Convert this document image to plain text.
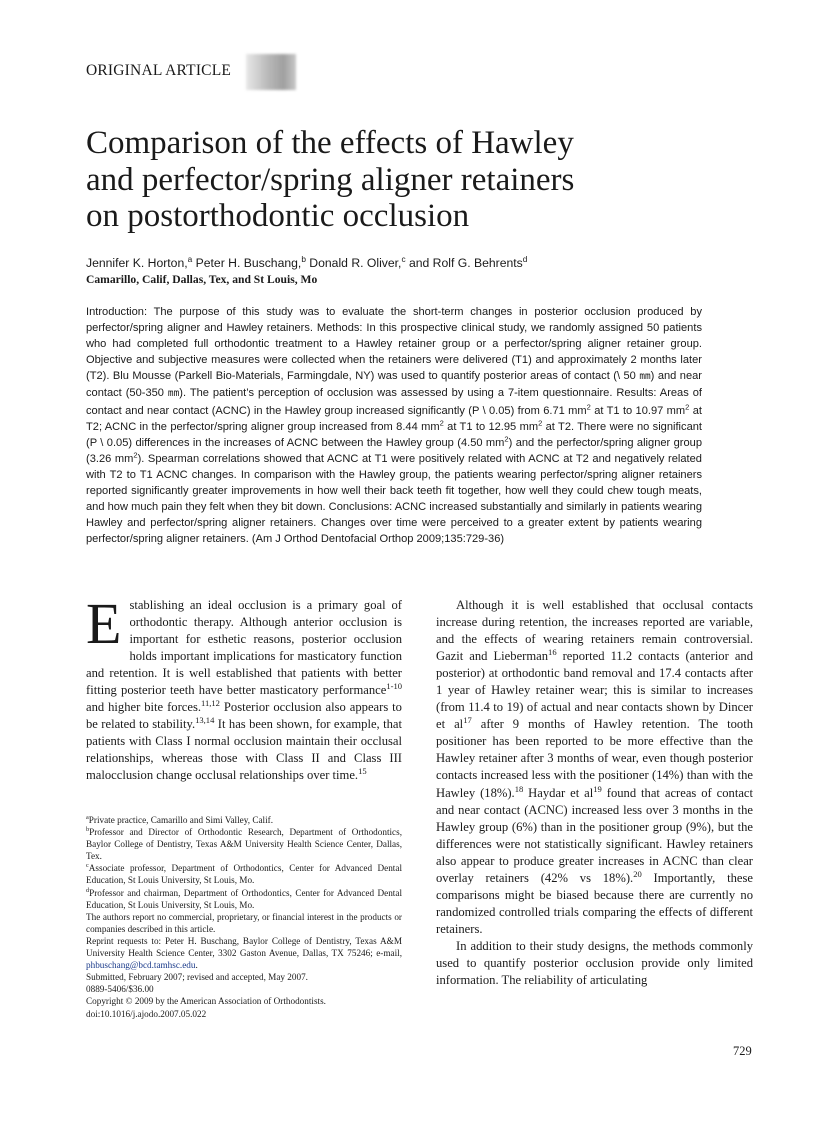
ORIGINAL ARTICLE
Comparison of the effects of Hawley
and perfector/spring aligner retainers
on postorthodontic occlusion
Jennifer K. Horton,$^a$ Peter H. Buschang,$^b$ Donald R. Oliver,$^c$ and Rolf G. Behrents$^d$
Camarillo, Calif, Dallas, Tex, and St Louis, Mo

Introduction: The purpose of this study was to evaluate the short-term changes in posterior occlusion produced by perfector/spring aligner and Hawley retainers. Methods: In this prospective clinical study, we randomly assigned 50 patients who had completed full orthodontic treatment to a Hawley retainer group or a perfector/spring aligner retainer group. Objective and subjective measures were collected when the retainers were delivered (T1) and approximately 2 months later (T2). Blu Mousse (Parkell Bio-Materials, Farmingdale, NY) was used to quantify posterior areas of contact (\ 50 mm) and near contact (50-350 mm). The patient’s perception of occlusion was assessed by using a 7-item questionnaire. Results: Areas of contact and near contact (ACNC) in the Hawley group increased significantly (P \ 0.05) from 6.71 $mm^2$ at T1 to 10.97 $mm^2$ at T2; ACNC in the perfector/spring aligner group increased from 8.44 $mm^2$ at T1 to 12.95 $mm^2$ at T2. There were no significant (P \ 0.05) differences in the increases of ACNC between the Hawley group (4.50 $mm^2$) and the perfector/spring aligner group (3.26 $mm^2$). Spearman correlations showed that ACNC at T1 were positively related with ACNC at T2 and negatively related with T2 to T1 ACNC changes. In comparison with the Hawley group, the patients wearing perfector/spring aligner retainers reported significantly greater improvements in how well their back teeth fit together, how well they could chew tough meats, and how much pain they felt when they bit down. Conclusions: ACNC increased substantially and similarly in patients wearing Hawley and perfector/spring aligner retainers. Changes over time were perceived to a greater extent by patients wearing perfector/spring aligner retainers. (Am J Orthod Dentofacial Orthop 2009;135:729-36)

Establishing an ideal occlusion is a primary goal of orthodontic therapy. Although anterior occlusion is important for esthetic reasons, posterior occlusion holds important implications for masticatory function and retention. It is well established that patients with better fitting posterior teeth have better masticatory performance$^{1-10}$ and higher bite forces.$^{11,12}$ Posterior occlusion also appears to be related to stability.$^{13,14}$ It has been shown, for example, that patients with Class I normal occlusion maintain their occlusal relationships, whereas those with Class II and Class III malocclusion change occlusal relationships over time.$^{15}$

$^a$Private practice, Camarillo and Simi Valley, Calif.
$^b$Professor and Director of Orthodontic Research, Department of Orthodontics, Baylor College of Dentistry, Texas A&M University Health Science Center, Dallas, Tex.
$^c$Associate professor, Department of Orthodontics, Center for Advanced Dental Education, St Louis University, St Louis, Mo.
$^d$Professor and chairman, Department of Orthodontics, Center for Advanced Dental Education, St Louis University, St Louis, Mo.
The authors report no commercial, proprietary, or financial interest in the products or companies described in this article.
Reprint requests to: Peter H. Buschang, Baylor College of Dentistry, Texas A&M University Health Science Center, 3302 Gaston Avenue, Dallas, TX 75246; e-mail, phbuschang@bcd.tamhsc.edu.
Submitted, February 2007; revised and accepted, May 2007.
0889-5406/$36.00
Copyright © 2009 by the American Association of Orthodontists.
doi:10.1016/j.ajodo.2007.05.022

Although it is well established that occlusal contacts increase during retention, the increases reported are variable, and the effects of wearing retainers remain controversial. Gazit and Lieberman$^{16}$ reported 11.2 contacts (anterior and posterior) at orthodontic band removal and 17.4 contacts after 1 year of Hawley retainer wear; this is similar to increases (from 11.4 to 19) of actual and near contacts shown by Dincer et $al^{17}$ after 9 months of Hawley retention. The tooth positioner has been reported to be more effective than the Hawley retainer after 3 months of wear, even though posterior contacts increased less with the positioner (14%) than with the Hawley (18%).$^{18}$ Haydar et $al^{19}$ found that acreas of contact and near contact (ACNC) increased less over 3 months in the Hawley group (6%) than in the positioner group (9%), but the differences were not statistically significant. Hawley retainers also appear to produce greater increases in ACNC than clear overlay retainers (42% vs 18%).$^{20}$ Importantly, these comparisons might be biased because there are currently no randomized controlled trials comparing the effects of different retainers.

In addition to their study designs, the methods commonly used to quantify posterior occlusion provide only limited information. The reliability of articulating

729
